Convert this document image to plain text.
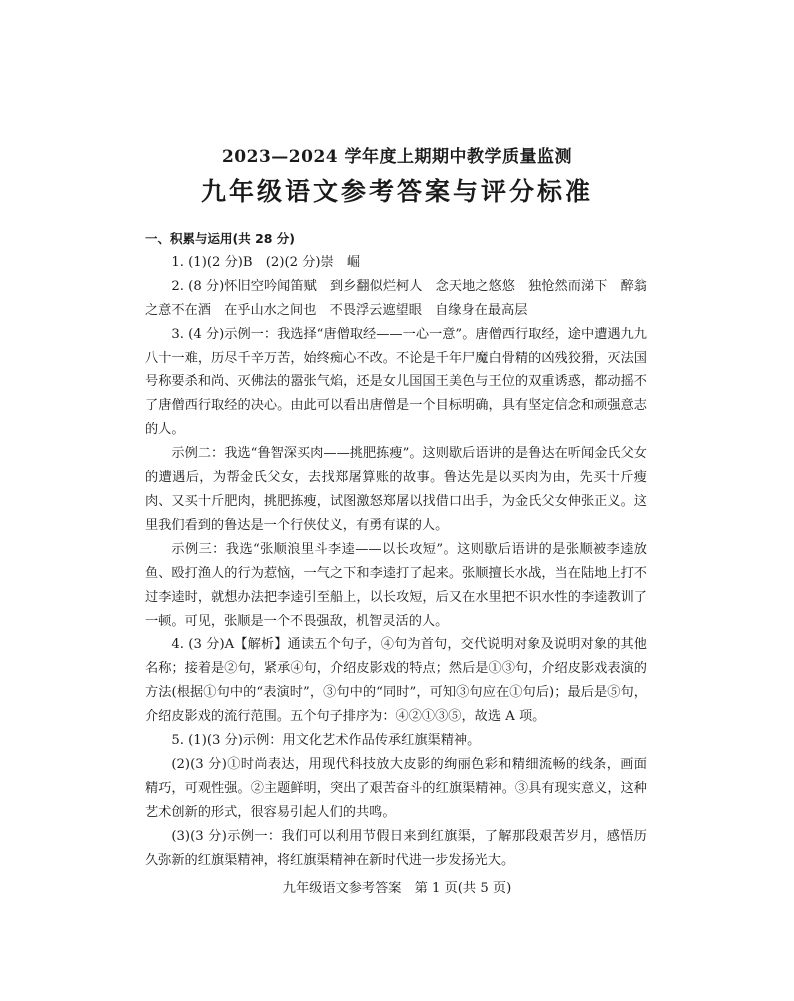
2023—2024 学年度上期期中教学质量监测
九年级语文参考答案与评分标准

一、积累与运用(共 28 分)

1. (1)(2 分)B　(2)(2 分)崇　崛

2. (8 分)怀旧空吟闻笛赋　到乡翻似烂柯人　念天地之悠悠　独怆然而涕下　醉翁之意不在酒　在乎山水之间也　不畏浮云遮望眼　自缘身在最高层

3. (4 分)示例一：我选择“唐僧取经——一心一意”。唐僧西行取经，途中遭遇九九八十一难，历尽千辛万苦，始终痴心不改。不论是千年尸魔白骨精的凶残狡猾，灭法国号称要杀和尚、灭佛法的嚣张气焰，还是女儿国国王美色与王位的双重诱惑，都动摇不了唐僧西行取经的决心。由此可以看出唐僧是一个目标明确，具有坚定信念和顽强意志的人。

示例二：我选“鲁智深买肉——挑肥拣瘦”。这则歇后语讲的是鲁达在听闻金氏父女的遭遇后，为帮金氏父女，去找郑屠算账的故事。鲁达先是以买肉为由，先买十斤瘦肉、又买十斤肥肉，挑肥拣瘦，试图激怒郑屠以找借口出手，为金氏父女伸张正义。这里我们看到的鲁达是一个行侠仗义，有勇有谋的人。

示例三：我选“张顺浪里斗李逵——以长攻短”。这则歇后语讲的是张顺被李逵放鱼、殴打渔人的行为惹恼，一气之下和李逵打了起来。张顺擅长水战，当在陆地上打不过李逵时，就想办法把李逵引至船上，以长攻短，后又在水里把不识水性的李逵教训了一顿。可见，张顺是一个不畏强敌，机智灵活的人。

4. (3 分)A【解析】通读五个句子，④句为首句，交代说明对象及说明对象的其他名称；接着是②句，紧承④句，介绍皮影戏的特点；然后是①③句，介绍皮影戏表演的方法(根据①句中的“表演时”，③句中的“同时”，可知③句应在①句后)；最后是⑤句，介绍皮影戏的流行范围。五个句子排序为：④②①③⑤，故选 A 项。

5. (1)(3 分)示例：用文化艺术作品传承红旗渠精神。

(2)(3 分)①时尚表达，用现代科技放大皮影的绚丽色彩和精细流畅的线条，画面精巧，可观性强。②主题鲜明，突出了艰苦奋斗的红旗渠精神。③具有现实意义，这种艺术创新的形式，很容易引起人们的共鸣。

(3)(3 分)示例一：我们可以利用节假日来到红旗渠，了解那段艰苦岁月，感悟历久弥新的红旗渠精神，将红旗渠精神在新时代进一步发扬光大。

九年级语文参考答案　第 1 页(共 5 页)
